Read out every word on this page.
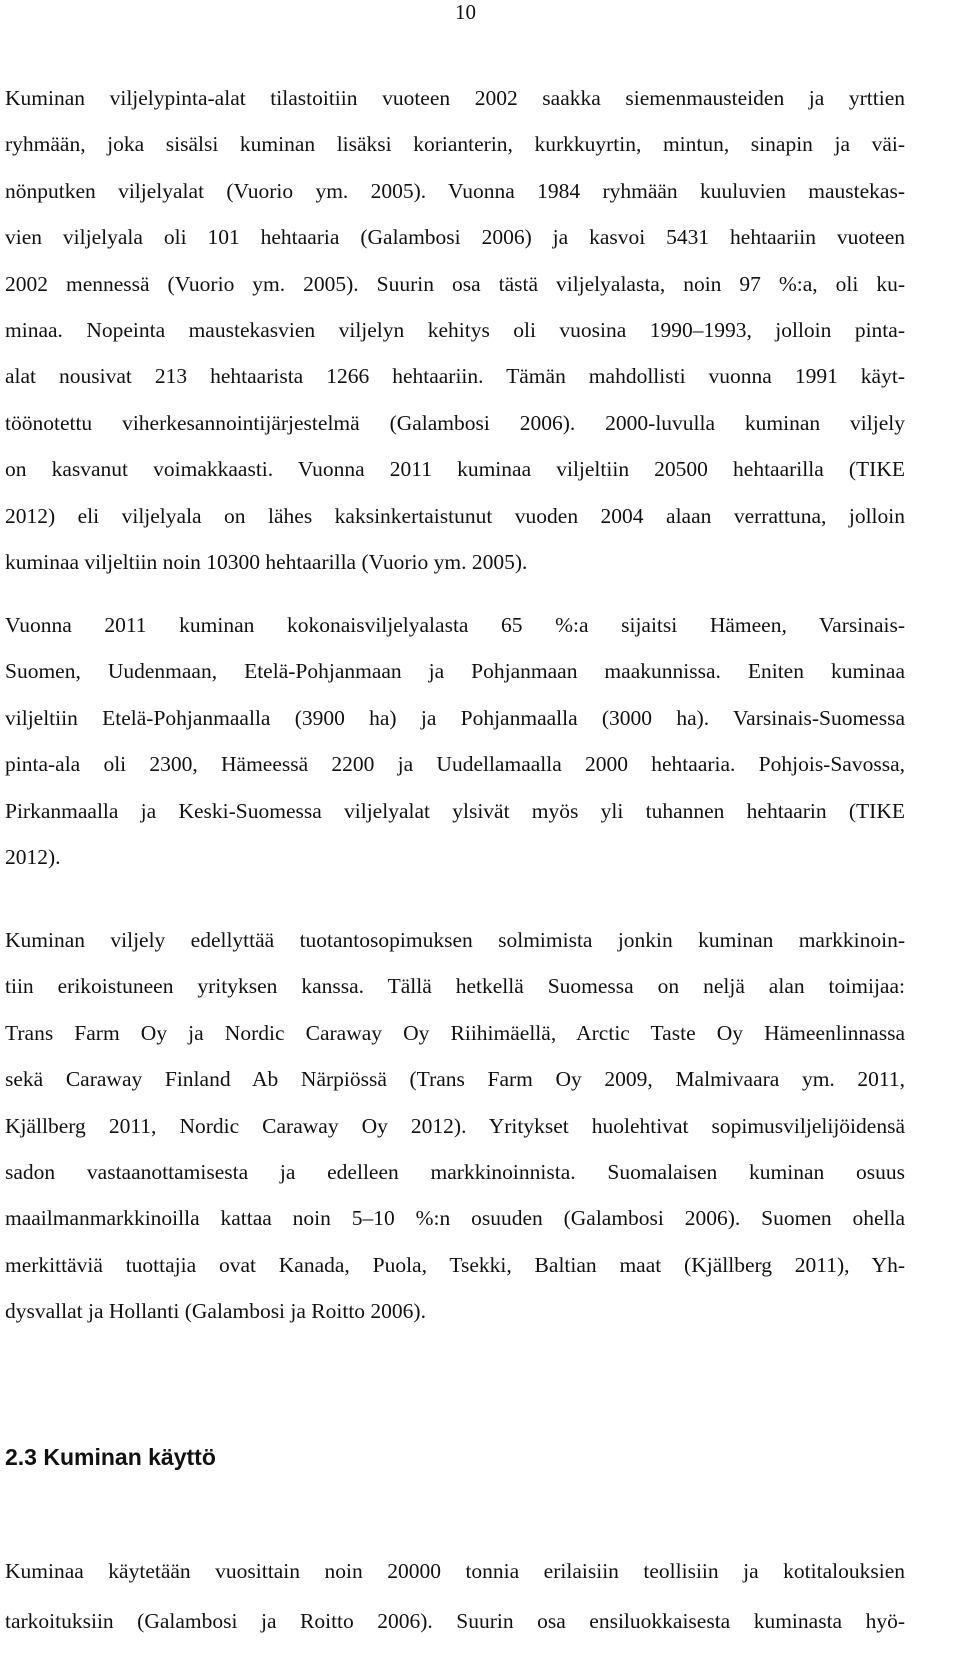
10
Kuminan viljelypinta-alat tilastoitiin vuoteen 2002 saakka siemenmausteiden ja yrttien
ryhmään, joka sisälsi kuminan lisäksi korianterin, kurkkuyrtin, mintun, sinapin ja väi-
nönputken viljelyalat (Vuorio ym. 2005). Vuonna 1984 ryhmään kuuluvien maustekas-
vien viljelyala oli 101 hehtaaria (Galambosi 2006) ja kasvoi 5431 hehtaariin vuoteen
2002 mennessä (Vuorio ym. 2005). Suurin osa tästä viljelyalasta, noin 97 %:a, oli ku-
minaa. Nopeinta maustekasvien viljelyn kehitys oli vuosina 1990–1993, jolloin pinta-
alat nousivat 213 hehtaarista 1266 hehtaariin. Tämän mahdollisti vuonna 1991 käyt-
töönotettu viherkesannointijärjestelmä (Galambosi 2006). 2000-luvulla kuminan viljely
on kasvanut voimakkaasti. Vuonna 2011 kuminaa viljeltiin 20500 hehtaarilla (TIKE
2012) eli viljelyala on lähes kaksinkertaistunut vuoden 2004 alaan verrattuna, jolloin
kuminaa viljeltiin noin 10300 hehtaarilla (Vuorio ym. 2005).
Vuonna 2011 kuminan kokonaisviljelyalasta 65 %:a sijaitsi Hämeen, Varsinais-
Suomen, Uudenmaan, Etelä-Pohjanmaan ja Pohjanmaan maakunnissa. Eniten kuminaa
viljeltiin Etelä-Pohjanmaalla (3900 ha) ja Pohjanmaalla (3000 ha). Varsinais-Suomessa
pinta-ala oli 2300, Hämeessä 2200 ja Uudellamaalla 2000 hehtaaria. Pohjois-Savossa,
Pirkanmaalla ja Keski-Suomessa viljelyalat ylsivät myös yli tuhannen hehtaarin (TIKE
2012).
Kuminan viljely edellyttää tuotantosopimuksen solmimista jonkin kuminan markkinoin-
tiin erikoistuneen yrityksen kanssa. Tällä hetkellä Suomessa on neljä alan toimijaa:
Trans Farm Oy ja Nordic Caraway Oy Riihimäellä, Arctic Taste Oy Hämeenlinnassa
sekä Caraway Finland Ab Närpiössä (Trans Farm Oy 2009, Malmivaara ym. 2011,
Kjällberg 2011, Nordic Caraway Oy 2012). Yritykset huolehtivat sopimusviljelijöidensä
sadon vastaanottamisesta ja edelleen markkinoinnista. Suomalaisen kuminan osuus
maailmanmarkkinoilla kattaa noin 5–10 %:n osuuden (Galambosi 2006). Suomen ohella
merkittäviä tuottajia ovat Kanada, Puola, Tsekki, Baltian maat (Kjällberg 2011), Yh-
dysvallat ja Hollanti (Galambosi ja Roitto 2006).
2.3 Kuminan käyttö
Kuminaa käytetään vuosittain noin 20000 tonnia erilaisiin teollisiin ja kotitalouksien
tarkoituksiin (Galambosi ja Roitto 2006). Suurin osa ensiluokkaisesta kuminasta hyö-
